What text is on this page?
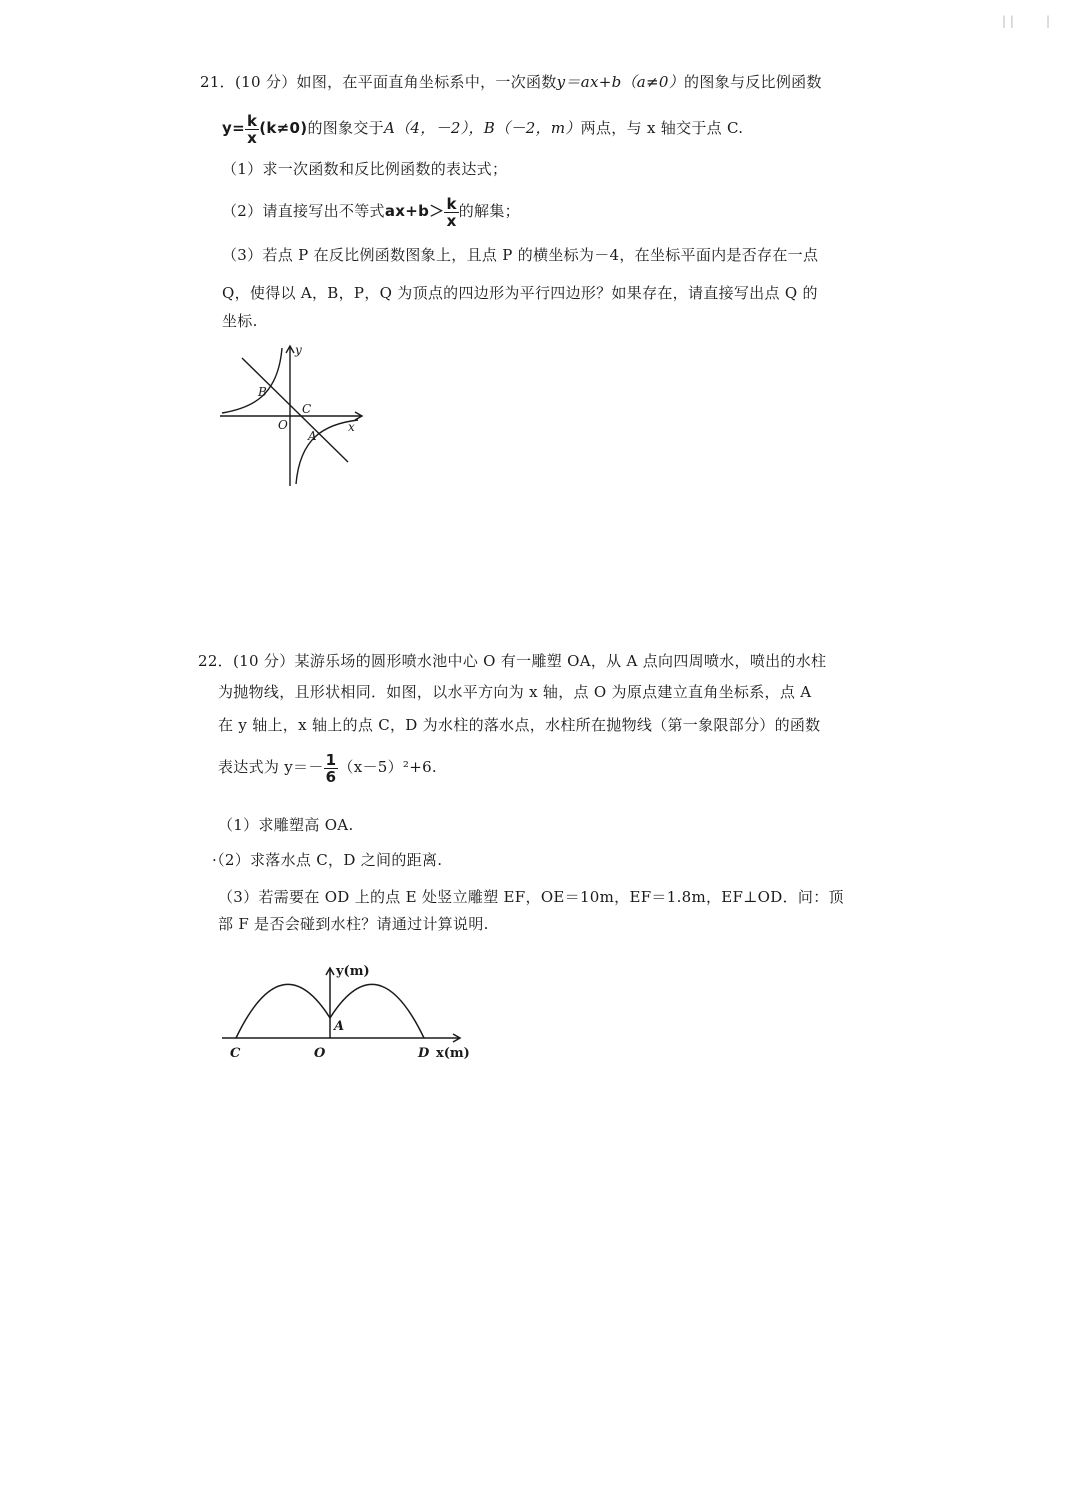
| |	|
21．(10 分）如图，在平面直角坐标系中，一次函数y＝ax+b（a≠0）的图象与反比例函数
$y= \frac{k}{x} (k\ne 0)$的图象交于A（4，－2），B（－2，m）两点，与 x 轴交于点 C.
（1）求一次函数和反比例函数的表达式；
（2）请直接写出不等式$ax+b> \frac{k}{x}$ 的解集；
（3）若点 P 在反比例函数图象上，且点 P 的横坐标为－4，在坐标平面内是否存在一点
Q，使得以 A，B，P，Q 为顶点的四边形为平行四边形？如果存在，请直接写出点 Q 的
坐标.
y
x
O
B
C
A
22．(10 分）某游乐场的圆形喷水池中心 O 有一雕塑 OA，从 A 点向四周喷水，喷出的水柱
为抛物线，且形状相同．如图，以水平方向为 x 轴，点 O 为原点建立直角坐标系，点 A
在 y 轴上，x 轴上的点 C，D 为水柱的落水点，水柱所在抛物线（第一象限部分）的函数
表达式为 $y=- \frac{1}{6} (x-5)^2+6$.
（1）求雕塑高 OA.
·（2）求落水点 C，D 之间的距离.
（3）若需要在 OD 上的点 E 处竖立雕塑 EF，OE＝10m，EF＝1.8m，EF⊥OD．问：顶
部 F 是否会碰到水柱？请通过计算说明.
y(m)
A
C	O	D x(m)
